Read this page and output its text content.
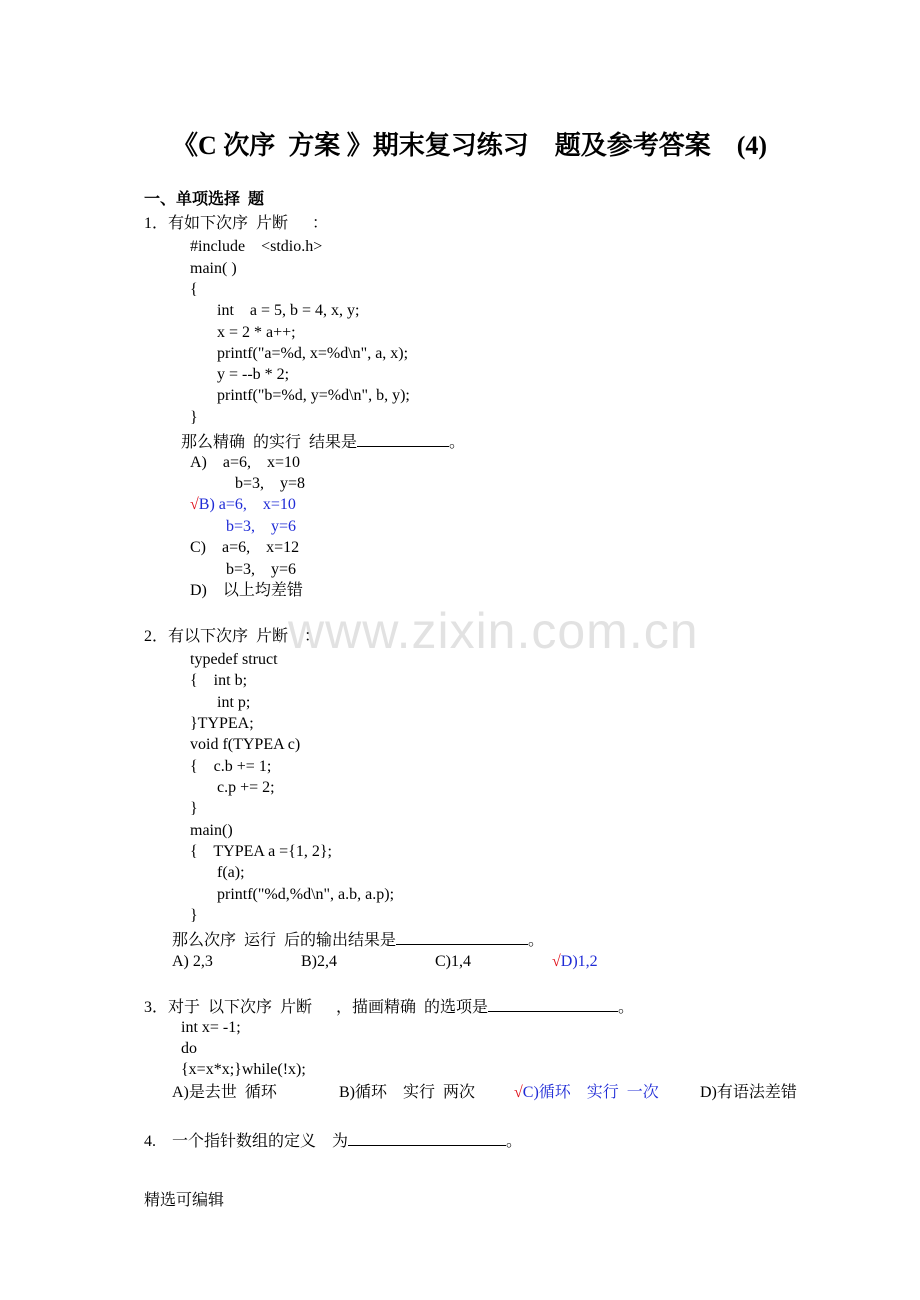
www.zixin.com.cn
《C 次序  方案 》期末复习练习    题及参考答案    (4)
一、单项选择  题
1．有如下次序  片断      ：
#include    <stdio.h>
main( )
{
int    a = 5, b = 4, x, y;
x = 2 * a++;
printf("a=%d, x=%d\n", a, x);
y = --b * 2;
printf("b=%d, y=%d\n", b, y);
}
那么精确  的实行  结果是	。
A)    a=6,    x=10
b=3,    y=8
√B) a=6,    x=10
b=3,    y=6
C)    a=6,    x=12
b=3,    y=6
D)    以上均差错
2．有以下次序  片断    ：
typedef struct
{    int b;
int p;
}TYPEA;
void f(TYPEA c)
{    c.b += 1;
c.p += 2;
}
main()
{    TYPEA a ={1, 2};
f(a);
printf("%d,%d\n", a.b, a.p);
}
那么次序  运行  后的输出结果是	。
A) 2,3	B)2,4	C)1,4	√D)1,2
3．对于  以下次序  片断      ，描画精确  的选项是	。
int x= -1;
do
{x=x*x;}while(!x);
A)是去世  循环	B)循环    实行  两次 √C)循环    实行  一次	D)有语法差错
4.    一个指针数组的定义    为	。
精选可编辑
